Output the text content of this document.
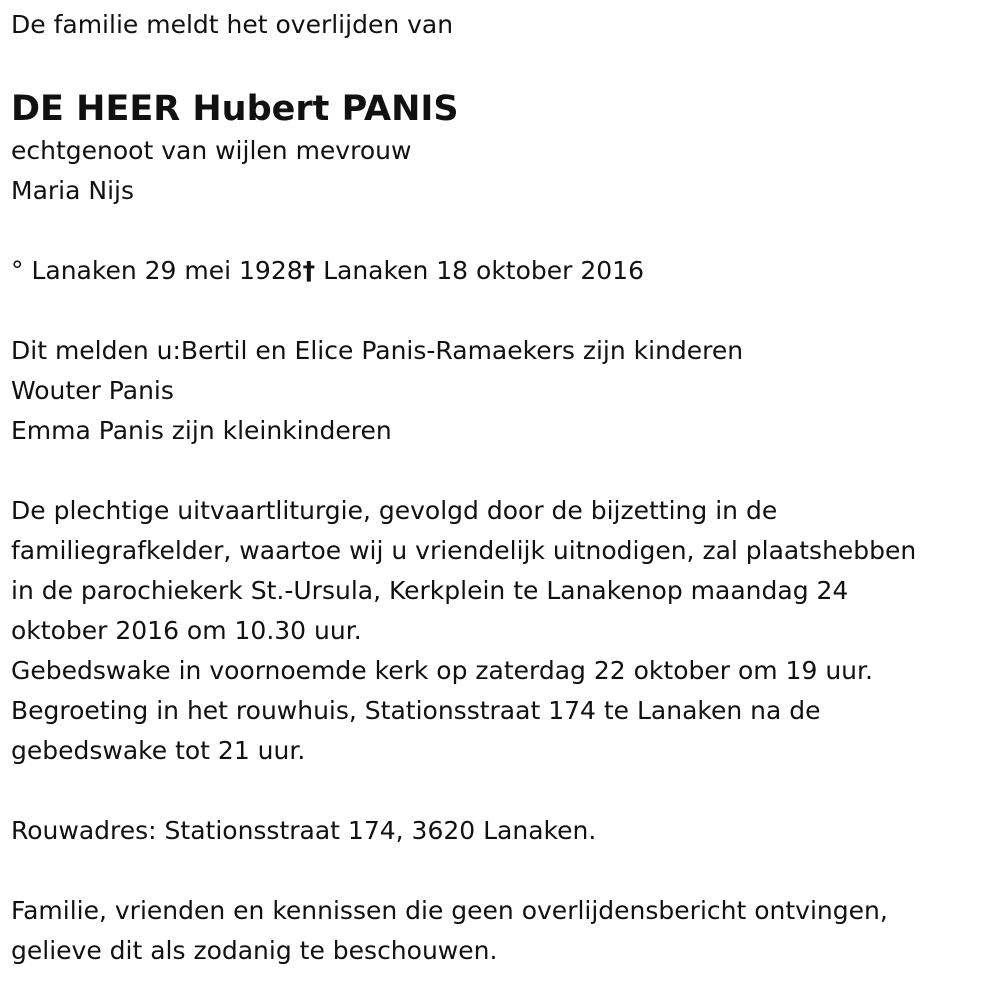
De familie meldt het overlijden van

DE HEER Hubert PANIS

echtgenoot van wijlen mevrouw

Maria Nijs

° Lanaken 29 mei 1928† Lanaken 18 oktober 2016

Dit melden u:Bertil en Elice Panis-Ramaekers zijn kinderen

Wouter Panis

Emma Panis zijn kleinkinderen

De plechtige uitvaartliturgie, gevolgd door de bijzetting in de

familiegrafkelder, waartoe wij u vriendelijk uitnodigen, zal plaatshebben

in de parochiekerk St.-Ursula, Kerkplein te Lanakenop maandag 24

oktober 2016 om 10.30 uur.

Gebedswake in voornoemde kerk op zaterdag 22 oktober om 19 uur.

Begroeting in het rouwhuis, Stationsstraat 174 te Lanaken na de

gebedswake tot 21 uur.

Rouwadres: Stationsstraat 174, 3620 Lanaken.

Familie, vrienden en kennissen die geen overlijdensbericht ontvingen,

gelieve dit als zodanig te beschouwen.
